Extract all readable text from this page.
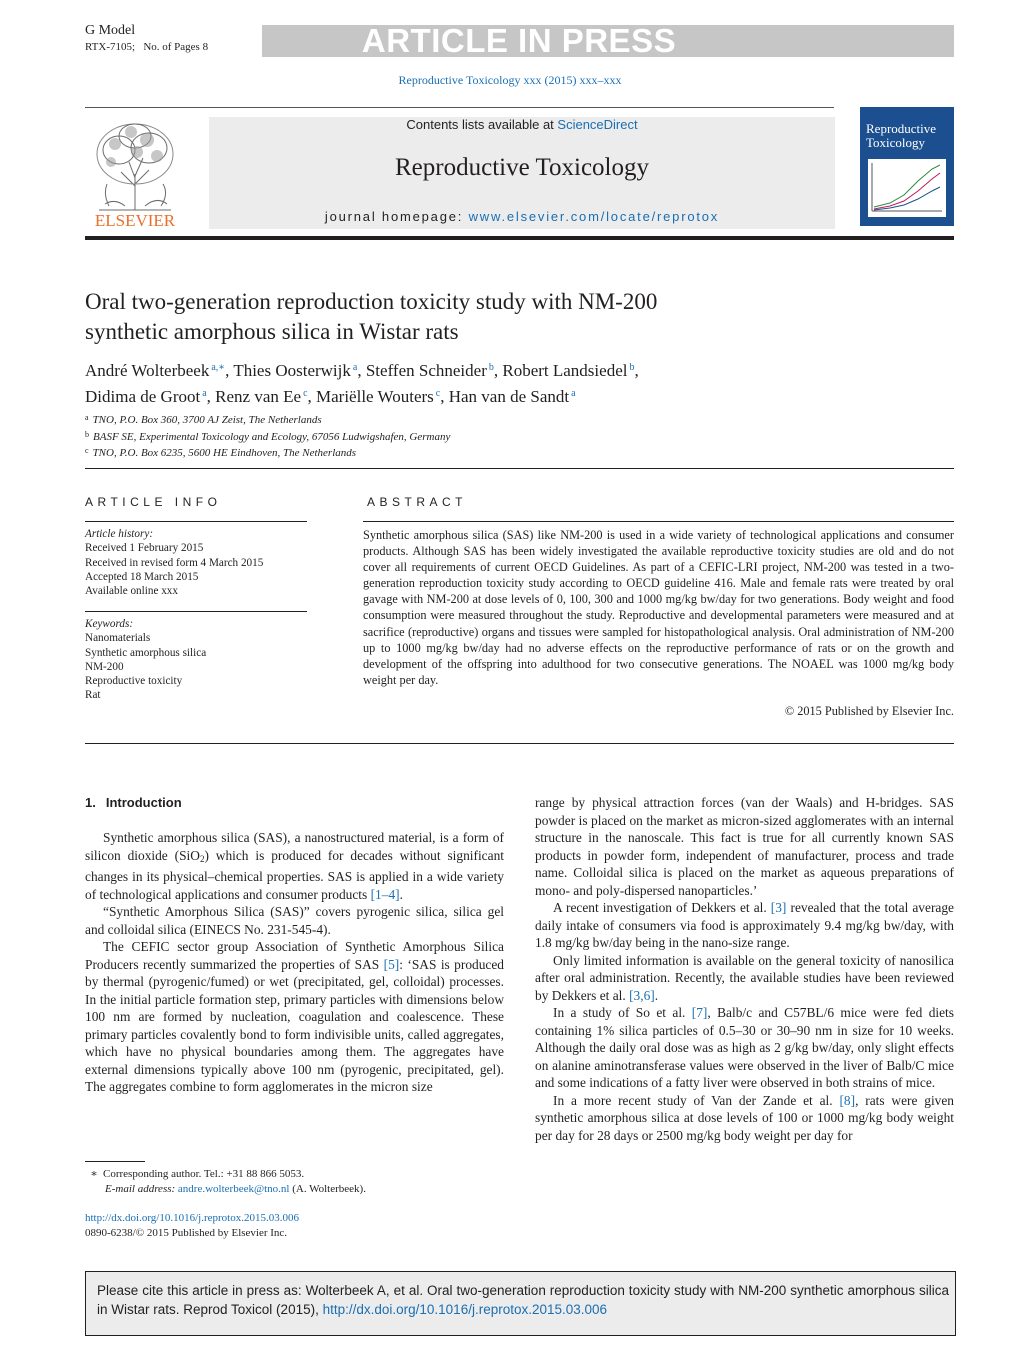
G Model
RTX-7105; No. of Pages 8	ARTICLE IN PRESS
Reproductive Toxicology xxx (2015) xxx–xxx
ELSEVIER
Contents lists available at ScienceDirect
Reproductive Toxicology
journal homepage: www.elsevier.com/locate/reprotox
Reproductive
Toxicology
Oral two-generation reproduction toxicity study with NM-200
synthetic amorphous silica in Wistar rats
André Wolterbeek $^{a,∗}$, Thies Oosterwijk $^a$, Steffen Schneider $^b$, Robert Landsiedel $^b$,
Didima de Groot $^a$, Renz van Ee $^c$, Mariëlle Wouters $^c$, Han van de Sandt $^a$
$^a$ TNO, P.O. Box 360, 3700 AJ Zeist, The Netherlands
$^b$ BASF SE, Experimental Toxicology and Ecology, 67056 Ludwigshafen, Germany
$^c$ TNO, P.O. Box 6235, 5600 HE Eindhoven, The Netherlands
ARTICLE INFO
Article history:
Received 1 February 2015
Received in revised form 4 March 2015
Accepted 18 March 2015
Available online xxx
Keywords:
Nanomaterials
Synthetic amorphous silica
NM-200
Reproductive toxicity
Rat
ABSTRACT
Synthetic amorphous silica (SAS) like NM-200 is used in a wide variety of technological applications and consumer products. Although SAS has been widely investigated the available reproductive toxicity studies are old and do not cover all requirements of current OECD Guidelines. As part of a CEFIC-LRI project, NM-200 was tested in a two-generation reproduction toxicity study according to OECD guideline 416. Male and female rats were treated by oral gavage with NM-200 at dose levels of 0, 100, 300 and 1000 mg/kg bw/day for two generations. Body weight and food consumption were measured throughout the study. Reproductive and developmental parameters were measured and at sacrifice (reproductive) organs and tissues were sampled for histopathological analysis. Oral administration of NM-200 up to 1000 mg/kg bw/day had no adverse effects on the reproductive performance of rats or on the growth and development of the offspring into adulthood for two consecutive generations. The NOAEL was 1000 mg/kg body weight per day.
© 2015 Published by Elsevier Inc.
1. Introduction

Synthetic amorphous silica (SAS), a nanostructured material, is a form of silicon dioxide (SiO$_2$) which is produced for decades without significant changes in its physical–chemical properties. SAS is applied in a wide variety of technological applications and consumer products [1–4].

“Synthetic Amorphous Silica (SAS)” covers pyrogenic silica, silica gel and colloidal silica (EINECS No. 231-545-4).

The CEFIC sector group Association of Synthetic Amorphous Silica Producers recently summarized the properties of SAS [5]: ‘SAS is produced by thermal (pyrogenic/fumed) or wet (precipitated, gel, colloidal) processes. In the initial particle formation step, primary particles with dimensions below 100 nm are formed by nucleation, coagulation and coalescence. These primary particles covalently bond to form indivisible units, called aggregates, which have no physical boundaries among them. The aggregates have external dimensions typically above 100 nm (pyrogenic, precipitated, gel). The aggregates combine to form agglomerates in the micron size

range by physical attraction forces (van der Waals) and H-bridges. SAS powder is placed on the market as micron-sized agglomerates with an internal structure in the nanoscale. This fact is true for all currently known SAS products in powder form, independent of manufacturer, process and trade name. Colloidal silica is placed on the market as aqueous preparations of mono- and poly-dispersed nanoparticles.’

A recent investigation of Dekkers et al. [3] revealed that the total average daily intake of consumers via food is approximately 9.4 mg/kg bw/day, with 1.8 mg/kg bw/day being in the nano-size range.

Only limited information is available on the general toxicity of nanosilica after oral administration. Recently, the available studies have been reviewed by Dekkers et al. [3,6].

In a study of So et al. [7], Balb/c and C57BL/6 mice were fed diets containing 1% silica particles of 0.5–30 or 30–90 nm in size for 10 weeks. Although the daily oral dose was as high as 2 g/kg bw/day, only slight effects on alanine aminotransferase values were observed in the liver of Balb/C mice and some indications of a fatty liver were observed in both strains of mice.

In a more recent study of Van der Zande et al. [8], rats were given synthetic amorphous silica at dose levels of 100 or 1000 mg/kg body weight per day for 28 days or 2500 mg/kg body weight per day for

∗ Corresponding author. Tel.: +31 88 866 5053.
E-mail address: andre.wolterbeek@tno.nl (A. Wolterbeek).
http://dx.doi.org/10.1016/j.reprotox.2015.03.006
0890-6238/© 2015 Published by Elsevier Inc.
Please cite this article in press as: Wolterbeek A, et al. Oral two-generation reproduction toxicity study with NM-200 synthetic amorphous silica in Wistar rats. Reprod Toxicol (2015), http://dx.doi.org/10.1016/j.reprotox.2015.03.006
